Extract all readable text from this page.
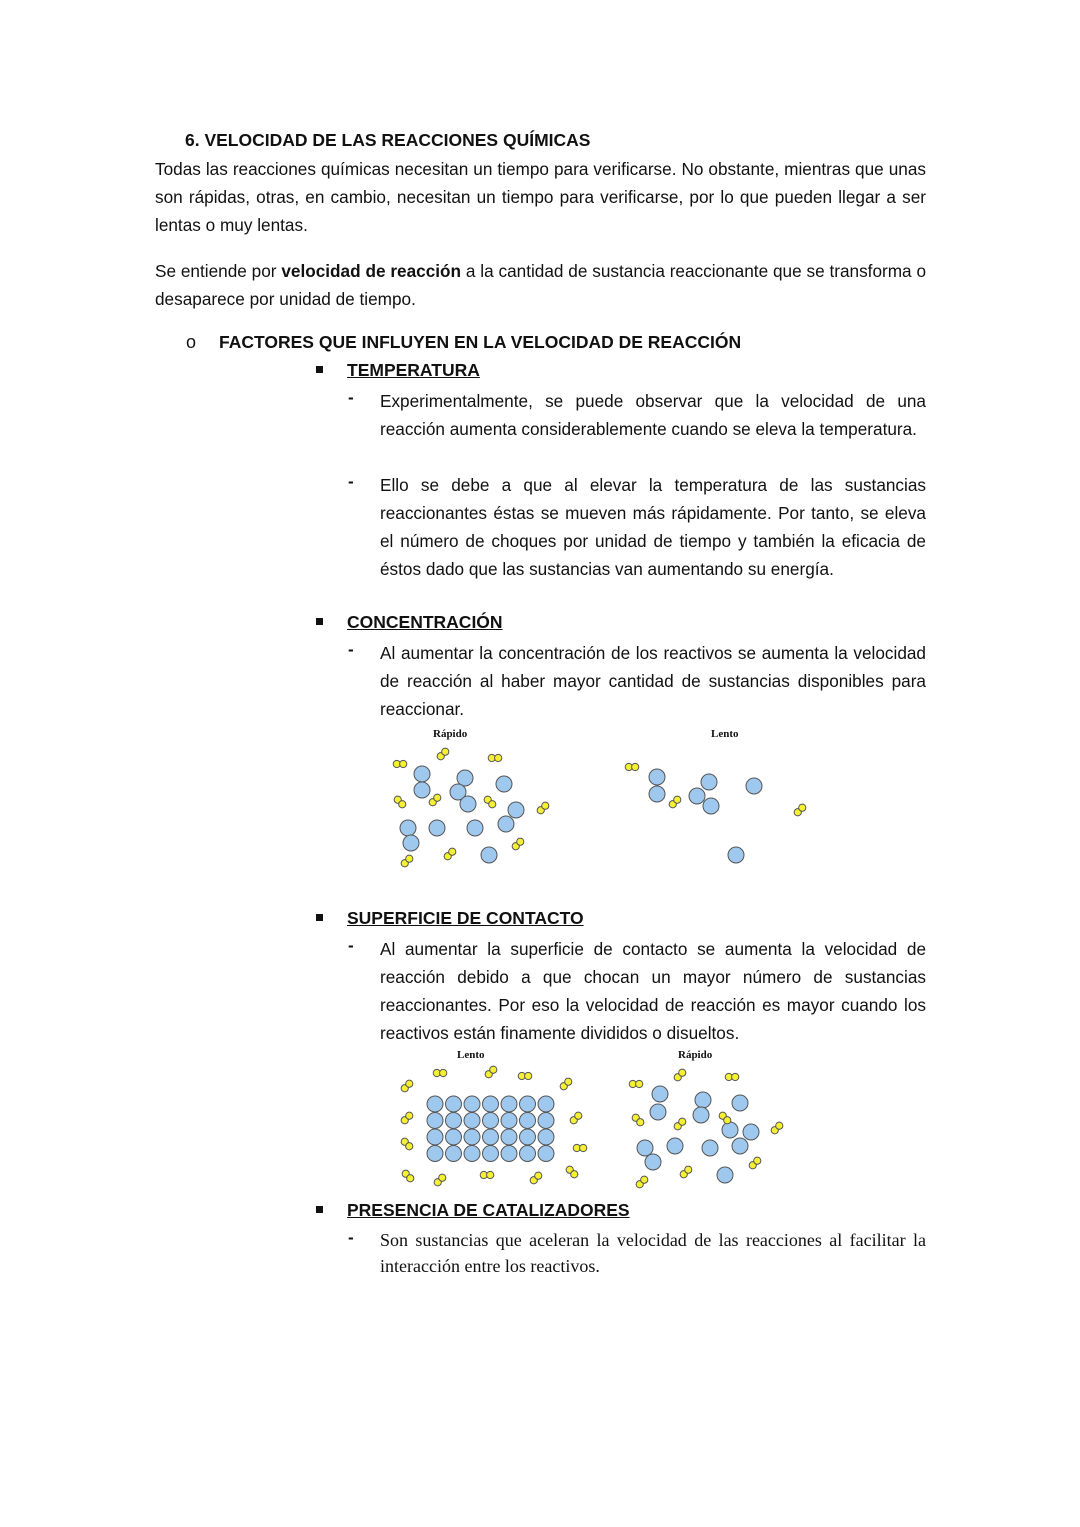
6. VELOCIDAD DE LAS REACCIONES QUÍMICAS
Todas las reacciones químicas necesitan un tiempo para verificarse. No obstante, mientras que unas son rápidas, otras, en cambio, necesitan un tiempo para verificarse, por lo que pueden llegar a ser lentas o muy lentas.
Se entiende por velocidad de reacción a la cantidad de sustancia reaccionante que se transforma o desaparece por unidad de tiempo.
o FACTORES QUE INFLUYEN EN LA VELOCIDAD DE REACCIÓN
TEMPERATURA
- Experimentalmente, se puede observar que la velocidad de una reacción aumenta considerablemente cuando se eleva la temperatura.
- Ello se debe a que al elevar la temperatura de las sustancias reaccionantes éstas se mueven más rápidamente. Por tanto, se eleva el número de choques por unidad de tiempo y también la eficacia de éstos dado que las sustancias van aumentando su energía.
CONCENTRACIÓN
- Al aumentar la concentración de los reactivos se aumenta la velocidad de reacción al haber mayor cantidad de sustancias disponibles para reaccionar.
Rápido	Lento
SUPERFICIE DE CONTACTO
- Al aumentar la superficie de contacto se aumenta la velocidad de reacción debido a que chocan un mayor número de sustancias reaccionantes. Por eso la velocidad de reacción es mayor cuando los reactivos están finamente divididos o disueltos.
Lento	Rápido
PRESENCIA DE CATALIZADORES
- Son sustancias que aceleran la velocidad de las reacciones al facilitar la interacción entre los reactivos.
